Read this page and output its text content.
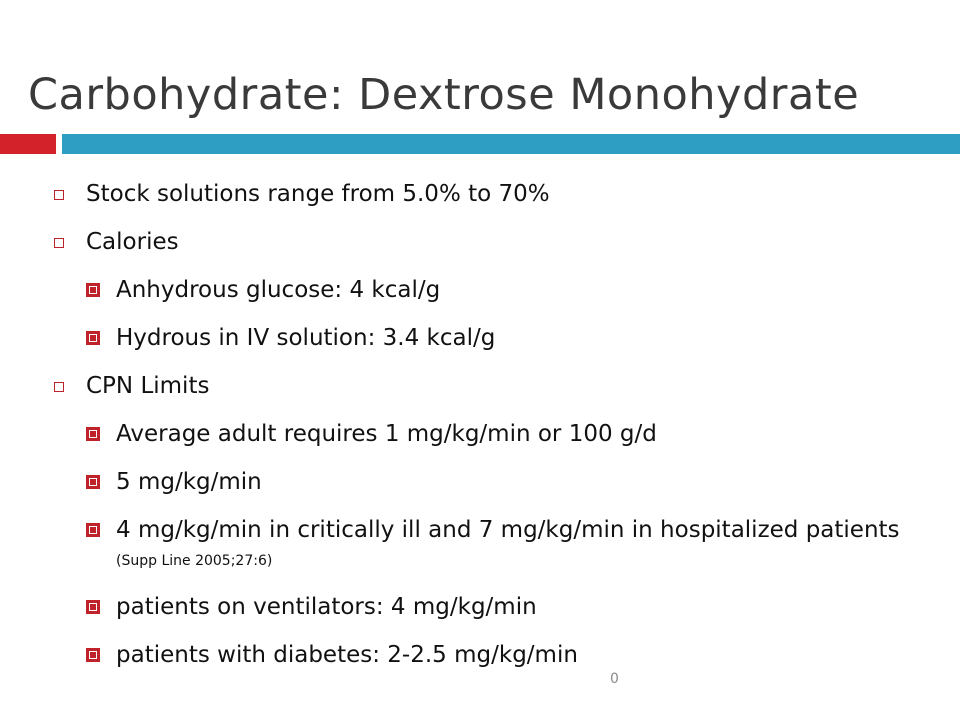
Carbohydrate: Dextrose Monohydrate
Stock solutions range from 5.0% to 70%
Calories
Anhydrous glucose: 4 kcal/g
Hydrous in IV solution: 3.4 kcal/g
CPN Limits
Average adult requires 1 mg/kg/min or 100 g/d
5 mg/kg/min
4 mg/kg/min in critically ill and 7 mg/kg/min in hospitalized patients (Supp Line 2005;27:6)
patients on ventilators: 4 mg/kg/min
patients with diabetes: 2-2.5 mg/kg/min
0
